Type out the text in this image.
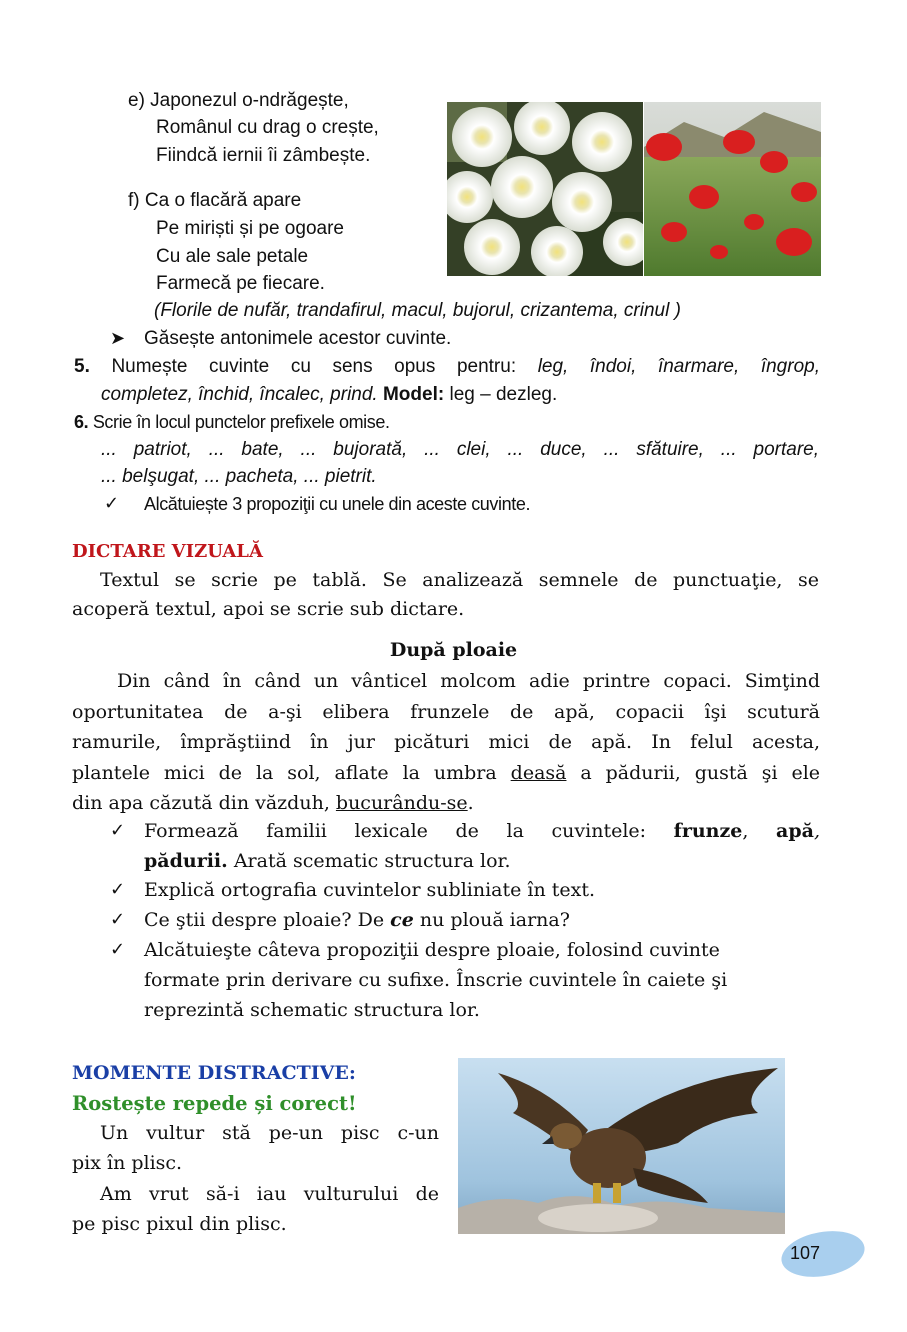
e) Japonezul o-ndrăgește,
Românul cu drag o crește,
Fiindcă iernii îi zâmbește.
f) Ca o flacără apare
Pe miriști și pe ogoare
Cu ale sale petale
Farmecă pe fiecare.
(Florile de nufăr, trandafirul, macul, bujorul, crizantema, crinul )
➤ Găsește antonimele acestor cuvinte.
5. Numește cuvinte cu sens opus pentru: leg, îndoi, înarmare, îngrop,
completez, închid, încalec, prind. Model: leg – dezleg.
6. Scrie în locul punctelor prefixele omise.
... patriot, ... bate, ... bujorată, ... clei, ... duce, ... sfătuire, ... portare,
... belşugat, ... pacheta, ... pietrit.
✓ Alcătuiește 3 propoziţii cu unele din aceste cuvinte.
DICTARE VIZUALĂ
Textul se scrie pe tablă. Se analizează semnele de punctuaţie, se
acoperă textul, apoi se scrie sub dictare.
După ploaie
Din când în când un vânticel molcom adie printre copaci. Simţind
oportunitatea de a-şi elibera frunzele de apă, copacii îşi scutură
ramurile, împrăştiind în jur picături mici de apă. In felul acesta,
plantele mici de la sol, aflate la umbra deasă a pădurii, gustă şi ele
din apa căzută din văzduh, bucurându-se.
✓ Formează familii lexicale de la cuvintele: frunze, apă,
pădurii. Arată scematic structura lor.
✓ Explică ortografia cuvintelor subliniate în text.
✓ Ce ştii despre ploaie? De ce nu plouă iarna?
✓ Alcătuieşte câteva propoziţii despre ploaie, folosind cuvinte
formate prin derivare cu sufixe. Înscrie cuvintele în caiete şi
reprezintă schematic structura lor.
MOMENTE DISTRACTIVE:
Rostește repede și corect!
Un vultur stă pe-un pisc c-un
pix în plisc.
Am vrut să-i iau vulturului de
pe pisc pixul din plisc.
107
